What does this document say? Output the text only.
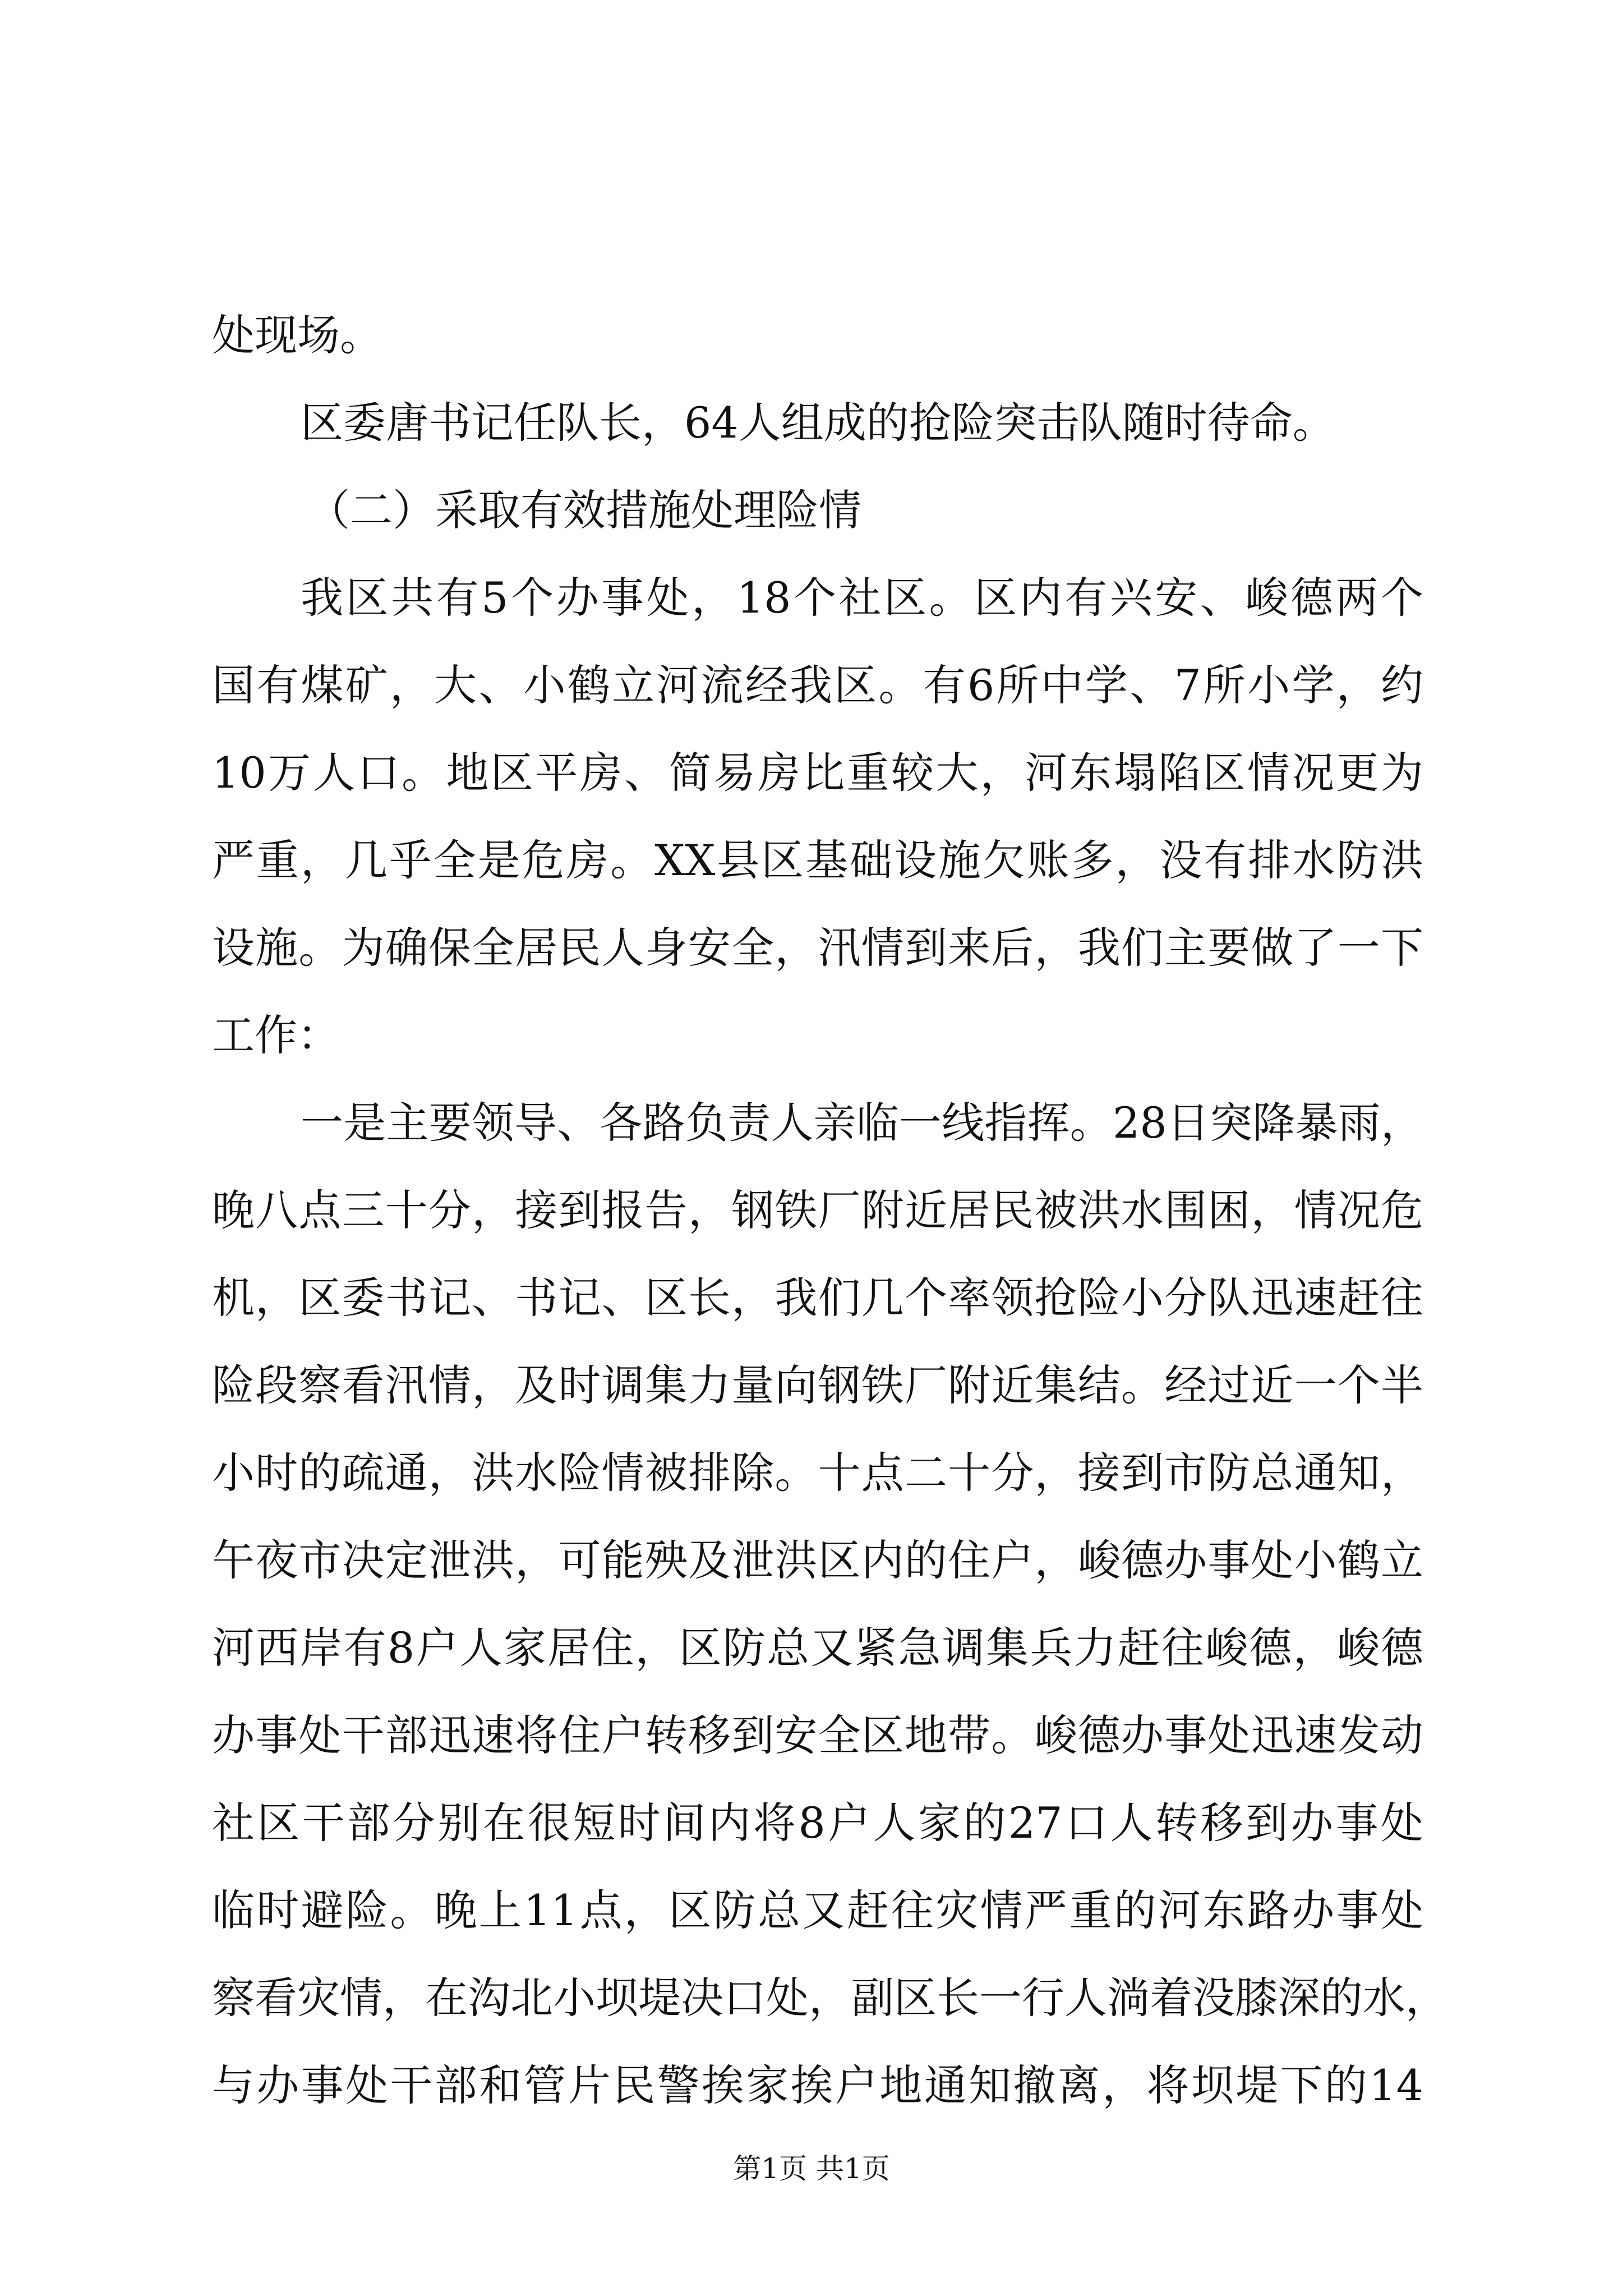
处现场。
区委唐书记任队长，64人组成的抢险突击队随时待命。
（二）采取有效措施处理险情
我区共有5个办事处，18个社区。区内有兴安、峻德两个
国有煤矿，大、小鹤立河流经我区。有6所中学、7所小学，约
10万人口。地区平房、简易房比重较大，河东塌陷区情况更为
严重，几乎全是危房。XX县区基础设施欠账多，没有排水防洪
设施。为确保全居民人身安全，汛情到来后，我们主要做了一下
工作：
一是主要领导、各路负责人亲临一线指挥。28日突降暴雨，
晚八点三十分，接到报告，钢铁厂附近居民被洪水围困，情况危
机，区委书记、书记、区长，我们几个率领抢险小分队迅速赶往
险段察看汛情，及时调集力量向钢铁厂附近集结。经过近一个半
小时的疏通，洪水险情被排除。十点二十分，接到市防总通知，
午夜市决定泄洪，可能殃及泄洪区内的住户，峻德办事处小鹤立
河西岸有8户人家居住，区防总又紧急调集兵力赶往峻德，峻德
办事处干部迅速将住户转移到安全区地带。峻德办事处迅速发动
社区干部分别在很短时间内将8户人家的27口人转移到办事处
临时避险。晚上11点，区防总又赶往灾情严重的河东路办事处
察看灾情，在沟北小坝堤决口处，副区长一行人淌着没膝深的水，
与办事处干部和管片民警挨家挨户地通知撤离，将坝堤下的14
第1页 共1页
